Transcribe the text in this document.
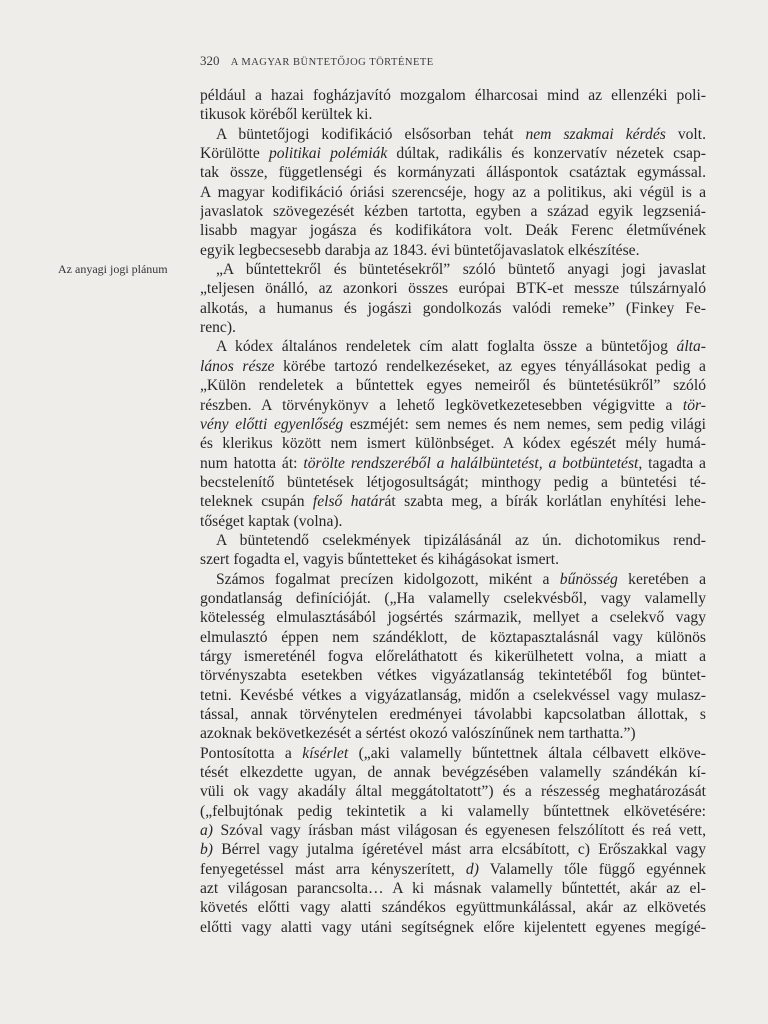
320 A MAGYAR BÜNTETŐJOG TÖRTÉNETE
Az anyagi jogi plánum
például a hazai fogházjavító mozgalom élharcosai mind az ellenzéki poli-
tikusok köréből kerültek ki.
A büntetőjogi kodifikáció elsősorban tehát nem szakmai kérdés volt.
Körülötte politikai polémiák dúltak, radikális és konzervatív nézetek csap-
tak össze, függetlenségi és kormányzati álláspontok csatáztak egymással.
A magyar kodifikáció óriási szerencséje, hogy az a politikus, aki végül is a
javaslatok szövegezését kézben tartotta, egyben a század egyik legzseniá-
lisabb magyar jogásza és kodifikátora volt. Deák Ferenc életművének
egyik legbecsesebb darabja az 1843. évi büntetőjavaslatok elkészítése.
„A bűntettekről és büntetésekről” szóló büntető anyagi jogi javaslat
„teljesen önálló, az azonkori összes európai BTK-et messze túlszárnyaló
alkotás, a humanus és jogászi gondolkozás valódi remeke” (Finkey Fe-
renc).
A kódex általános rendeletek cím alatt foglalta össze a büntetőjog álta-
lános része körébe tartozó rendelkezéseket, az egyes tényállásokat pedig a
„Külön rendeletek a bűntettek egyes nemeiről és büntetésükről” szóló
részben. A törvénykönyv a lehető legkövetkezetesebben végigvitte a tör-
vény előtti egyenlőség eszméjét: sem nemes és nem nemes, sem pedig világi
és klerikus között nem ismert különbséget. A kódex egészét mély humá-
num hatotta át: törölte rendszeréből a halálbüntetést, a botbüntetést, tagadta a
becstelenítő büntetések létjogosultságát; minthogy pedig a büntetési té-
teleknek csupán felső határát szabta meg, a bírák korlátlan enyhítési lehe-
tőséget kaptak (volna).
A büntetendő cselekmények tipizálásánál az ún. dichotomikus rend-
szert fogadta el, vagyis bűntetteket és kihágásokat ismert.
Számos fogalmat precízen kidolgozott, miként a bűnösség keretében a
gondatlanság definícióját. („Ha valamelly cselekvésből, vagy valamelly
kötelesség elmulasztásából jogsértés származik, mellyet a cselekvő vagy
elmulasztó éppen nem szándéklott, de köztapasztalásnál vagy különös
tárgy ismereténél fogva előreláthatott és kikerülhetett volna, a miatt a
törvényszabta esetekben vétkes vigyázatlanság tekintetéből fog büntet-
tetni. Kevésbé vétkes a vigyázatlanság, midőn a cselekvéssel vagy mulasz-
tással, annak törvénytelen eredményei távolabbi kapcsolatban állottak, s
azoknak bekövetkezését a sértést okozó valószínűnek nem tarthatta.”)
Pontosította a kísérlet („aki valamelly bűntettnek általa célbavett elköve-
tését elkezdette ugyan, de annak bevégzésében valamelly szándékán kí-
vüli ok vagy akadály által meggátoltatott”) és a részesség meghatározását
(„felbujtónak pedig tekintetik a ki valamelly bűntettnek elkövetésére:
a) Szóval vagy írásban mást világosan és egyenesen felszólított és reá vett,
b) Bérrel vagy jutalma ígéretével mást arra elcsábított, c) Erőszakkal vagy
fenyegetéssel mást arra kényszerített, d) Valamelly tőle függő egyénnek
azt világosan parancsolta… A ki másnak valamelly bűntettét, akár az el-
követés előtti vagy alatti szándékos együttmunkálással, akár az elkövetés
előtti vagy alatti vagy utáni segítségnek előre kijelentett egyenes megígé-
